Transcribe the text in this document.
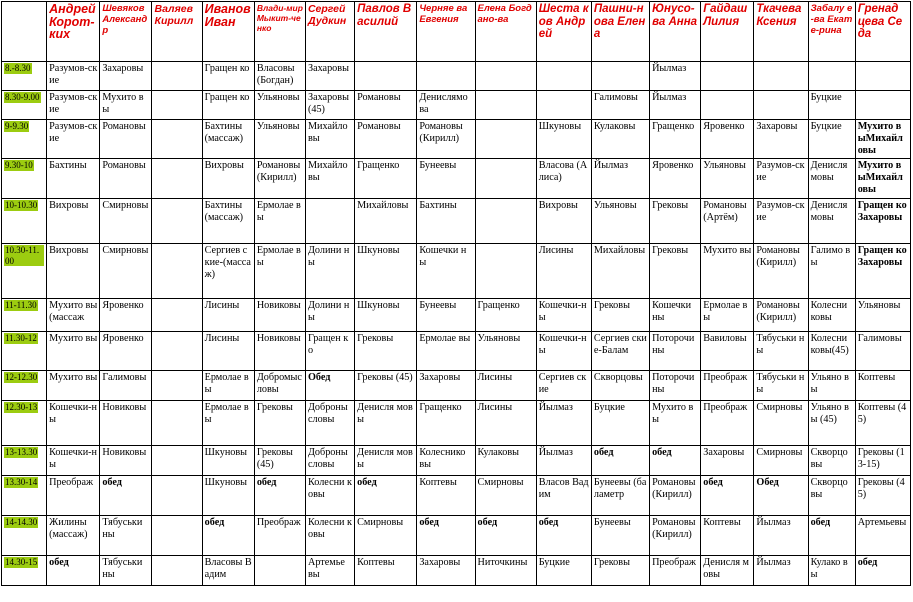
	Андрей Корот-ких	Шевяков Александр	Валяев Кирилл	Иванов Иван	Влади-мир Мыкит-ченко	Сергей Дудкин	Павлов Василий	Черняе ва Евгения	Елена Богдано-ва	Шеста ков Андрей	Пашни-нова Елена	Юнусо-ва Анна	Гайдаш Лилия	Ткачева Ксения	Забалу е-ва Екате-рина	Гренад цева Седа
8.-8.30	Разумов-ские	Захаровы		Гращен ко	Власовы (Богдан)	Захаровы						Йылмаз				
8.30-9.00	Разумов-ские	Мухито вы		Гращен ко	Ульяновы	Захаровы (45)	Романовы	Денислямо ва			Галимовы	Йылмаз			Буцкие	
9-9.30	Разумов-ские	Романовы		Бахтины (массаж)	Ульяновы	Михайло вы	Романовы	Романовы (Кирилл)		Шкуновы	Кулаковы	Гращенко	Яровенко	Захаровы	Буцкие	Мухито выМихайл овы
9.30-10	Бахтины	Романовы		Вихровы	Романовы (Кирилл)	Михайло вы	Гращенко	Бунеевы		Власова (Алиса)	Йылмаз	Яровенко	Ульяновы	Разумов-ские	Денисля мовы	Мухито выМихайл овы
10-10.30	Вихровы	Смирновы		Бахтины (массаж)	Ермолае вы		Михайловы	Бахтины		Вихровы	Ульяновы	Грековы	Романовы (Артём)	Разумов-ские	Денисля мовы	Гращен ко Захаровы
10.30-11.00	Вихровы	Смирновы		Сергиев ские-(массаж)	Ермолае вы	Долини ны	Шкуновы	Кошечки ны		Лисины	Михайловы	Грековы	Мухито вы	Романовы (Кирилл)	Галимо вы	Гращен ко Захаровы
11-11.30	Мухито вы(массаж	Яровенко		Лисины	Новиковы	Долини ны	Шкуновы	Бунеевы	Гращенко	Кошечки-ны	Грековы	Кошечки ны	Ермолае вы	Романовы (Кирилл)	Колесни ковы	Ульяновы
11.30-12	Мухито вы	Яровенко		Лисины	Новиковы	Гращен ко	Грековы	Ермолае вы	Ульяновы	Кошечки-ны	Сергиев ские-Балам	Поторочи ны	Вавиловы	Тябуськи ны	Колесни ковы(45)	Галимовы
12-12.30	Мухито вы	Галимовы		Ермолае вы	Добромыс ловы	Обед	Грековы (45)	Захаровы	Лисины	Сергиев ские	Скворцовы	Поторочи ны	Преображ	Тябуськи ны	Ульяно вы	Коптевы
12.30-13	Кошечки-ны	Новиковы		Ермолае вы	Грековы	Доброны словы	Денисля мовы	Гращенко	Лисины	Йылмаз	Буцкие	Мухито вы	Преображ	Смирновы	Ульяно вы (45)	Коптевы (45)
13-13.30	Кошечки-ны	Новиковы		Шкуновы	Грековы (45)	Доброны словы	Денисля мовы	Колеснико вы	Кулаковы	Йылмаз	обед	обед	Захаровы	Смирновы	Скворцо вы	Грековы (13-15)
13.30-14	Преображ	обед		Шкуновы	обед	Колесни ковы	обед	Коптевы	Смирновы	Власов Вадим	Бунеевы (баламетр	Романовы (Кирилл)	обед	Обед	Скворцо вы	Грековы (45)
14-14.30	Жилины (массаж)	Тябуськи ны		обед	Преображ	Колесни ковы	Смирновы	обед	обед	обед	Бунеевы	Романовы (Кирилл)	Коптевы	Йылмаз	обед	Артемьевы
14.30-15	обед	Тябуськи ны		Власовы Вадим		Артемье вы	Коптевы	Захаровы	Ниточкины	Буцкие	Грековы	Преображ	Денисля мовы	Йылмаз	Кулако вы	обед
